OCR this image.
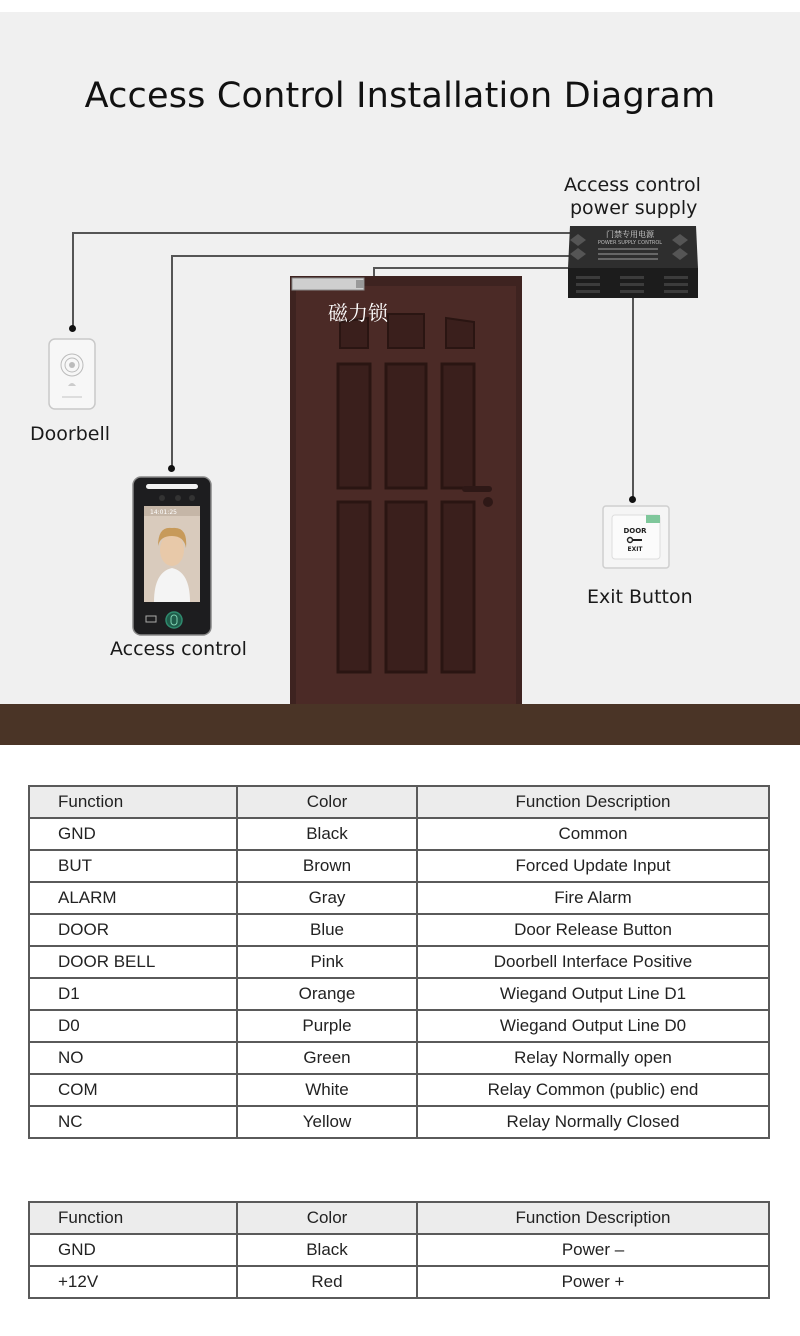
Access Control Installation Diagram
Access control
power supply
门禁专用电源
POWER SUPPLY CONTROL
磁力锁
Doorbell
14:01:25
Access control
DOOR
EXIT
Exit Button
Function	Color	Function Description
GND	Black	Common
BUT	Brown	Forced Update Input
ALARM	Gray	Fire Alarm
DOOR	Blue	Door Release Button
DOOR BELL	Pink	Doorbell Interface Positive
D1	Orange	Wiegand Output Line D1
D0	Purple	Wiegand Output Line D0
NO	Green	Relay Normally open
COM	White	Relay Common (public) end
NC	Yellow	Relay Normally Closed
Function	Color	Function Description
GND	Black	Power –
+12V	Red	Power +
